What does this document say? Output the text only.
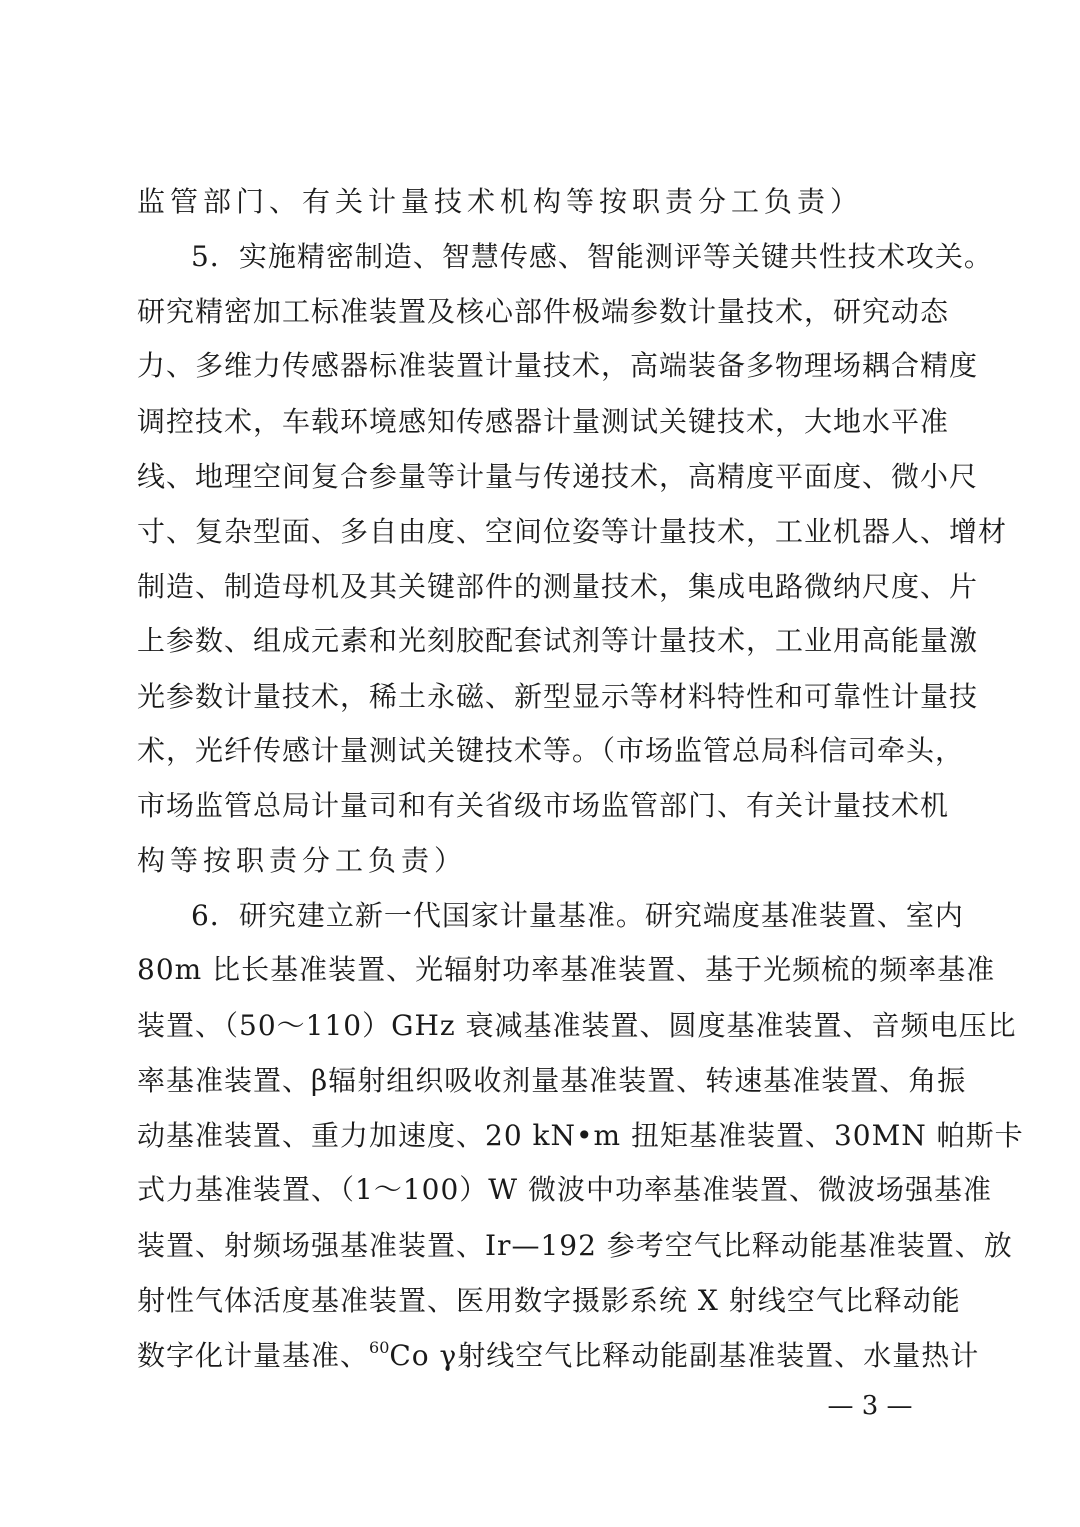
监管部门、有关计量技术机构等按职责分工负责）
5．实施精密制造、智慧传感、智能测评等关键共性技术攻关。
研究精密加工标准装置及核心部件极端参数计量技术，研究动态
力、多维力传感器标准装置计量技术，高端装备多物理场耦合精度
调控技术，车载环境感知传感器计量测试关键技术，大地水平准
线、地理空间复合参量等计量与传递技术，高精度平面度、微小尺
寸、复杂型面、多自由度、空间位姿等计量技术，工业机器人、增材
制造、制造母机及其关键部件的测量技术，集成电路微纳尺度、片
上参数、组成元素和光刻胶配套试剂等计量技术，工业用高能量激
光参数计量技术，稀土永磁、新型显示等材料特性和可靠性计量技
术，光纤传感计量测试关键技术等。（市场监管总局科信司牵头，
市场监管总局计量司和有关省级市场监管部门、有关计量技术机
构等按职责分工负责）
6．研究建立新一代国家计量基准。研究端度基准装置、室内
80m 比长基准装置、光辐射功率基准装置、基于光频梳的频率基准
装置、（50～110）GHz 衰减基准装置、圆度基准装置、音频电压比
率基准装置、β辐射组织吸收剂量基准装置、转速基准装置、角振
动基准装置、重力加速度、20 kN•m 扭矩基准装置、30MN 帕斯卡
式力基准装置、（1～100）W 微波中功率基准装置、微波场强基准
装置、射频场强基准装置、Ir—192 参考空气比释动能基准装置、放
射性气体活度基准装置、医用数字摄影系统 X 射线空气比释动能
数字化计量基准、$^{60}$Co γ射线空气比释动能副基准装置、水量热计
— 3 —
